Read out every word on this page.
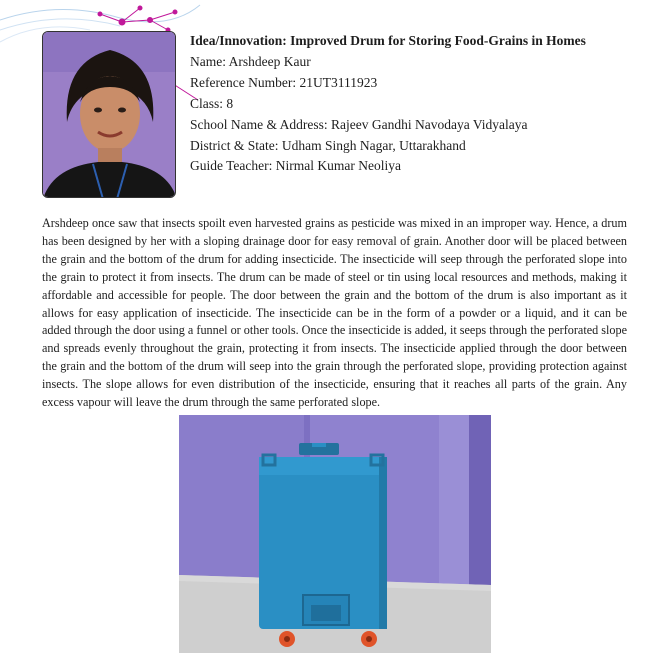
Idea/Innovation: Improved Drum for Storing Food-Grains in Homes
Name: Arshdeep Kaur
Reference Number: 21UT3111923
Class: 8
School Name & Address: Rajeev Gandhi Navodaya Vidyalaya
District & State: Udham Singh Nagar, Uttarakhand
Guide Teacher: Nirmal Kumar Neoliya
Arshdeep once saw that insects spoilt even harvested grains as pesticide was mixed in an improper way. Hence, a drum has been designed by her with a sloping drainage door for easy removal of grain. Another door will be placed between the grain and the bottom of the drum for adding insecticide. The insecticide will seep through the perforated slope into the grain to protect it from insects. The drum can be made of steel or tin using local resources and methods, making it affordable and accessible for people. The door between the grain and the bottom of the drum is also important as it allows for easy application of insecticide. The insecticide can be in the form of a powder or a liquid, and it can be added through the door using a funnel or other tools. Once the insecticide is added, it seeps through the perforated slope and spreads evenly throughout the grain, protecting it from insects. The insecticide applied through the door between the grain and the bottom of the drum will seep into the grain through the perforated slope, providing protection against insects. The slope allows for even distribution of the insecticide, ensuring that it reaches all parts of the grain. Any excess vapour will leave the drum through the same perforated slope.
